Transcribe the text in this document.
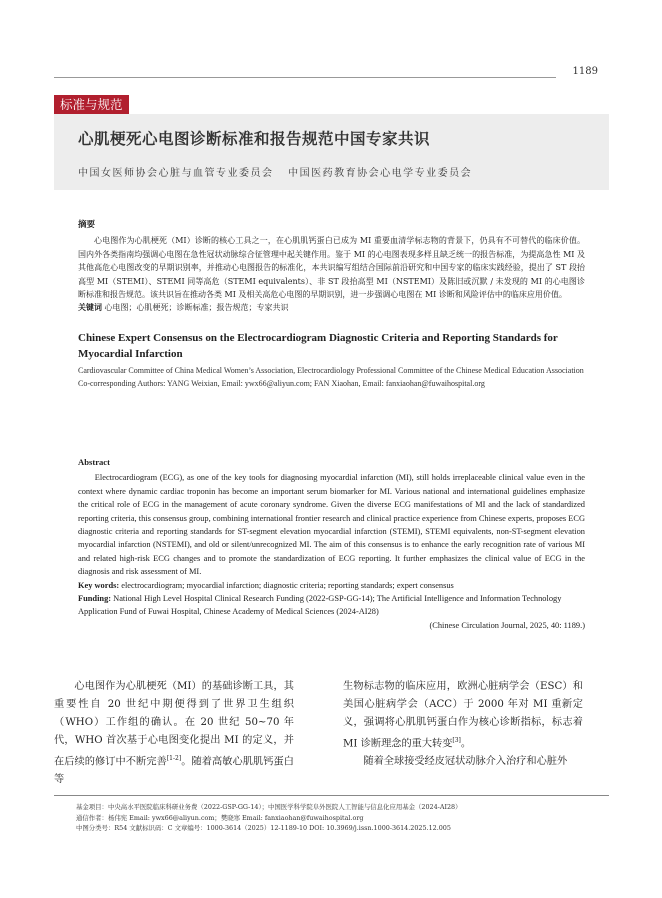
1189
标准与规范
心肌梗死心电图诊断标准和报告规范中国专家共识
中国女医师协会心脏与血管专业委员会 中国医药教育协会心电学专业委员会
摘要

心电图作为心肌梗死（MI）诊断的核心工具之一，在心肌肌钙蛋白已成为 MI 重要血清学标志物的背景下，仍具有不可替代的临床价值。国内外各类指南均强调心电图在急性冠状动脉综合征管理中起关键作用。鉴于 MI 的心电图表现多样且缺乏统一的报告标准，为提高急性 MI 及其他高危心电图改变的早期识别率，并推动心电图报告的标准化，本共识编写组结合国际前沿研究和中国专家的临床实践经验，提出了 ST 段抬高型 MI（STEMI）、STEMI 同等高危（STEMI equivalents）、非 ST 段抬高型 MI（NSTEMI）及陈旧或沉默 / 未发现的 MI 的心电图诊断标准和报告规范。该共识旨在推动各类 MI 及相关高危心电图的早期识别，进一步强调心电图在 MI 诊断和风险评估中的临床应用价值。

关键词 心电图；心肌梗死；诊断标准；报告规范；专家共识

Chinese Expert Consensus on the Electrocardiogram Diagnostic Criteria and Reporting Standards for Myocardial Infarction
Cardiovascular Committee of China Medical Women’s Association, Electrocardiology Professional Committee of the Chinese Medical Education Association
Co-corresponding Authors: YANG Weixian, Email: ywx66@aliyun.com; FAN Xiaohan, Email: fanxiaohan@fuwaihospital.org
Abstract

Electrocardiogram (ECG), as one of the key tools for diagnosing myocardial infarction (MI), still holds irreplaceable clinical value even in the context where dynamic cardiac troponin has become an important serum biomarker for MI. Various national and international guidelines emphasize the critical role of ECG in the management of acute coronary syndrome. Given the diverse ECG manifestations of MI and the lack of standardized reporting criteria, this consensus group, combining international frontier research and clinical practice experience from Chinese experts, proposes ECG diagnostic criteria and reporting standards for ST-segment elevation myocardial infarction (STEMI), STEMI equivalents, non-ST-segment elevation myocardial infarction (NSTEMI), and old or silent/unrecognized MI. The aim of this consensus is to enhance the early recognition rate of various MI and related high-risk ECG changes and to promote the standardization of ECG reporting. It further emphasizes the clinical value of ECG in the diagnosis and risk assessment of MI.

Key words: electrocardiogram; myocardial infarction; diagnostic criteria; reporting standards; expert consensus

Funding: National High Level Hospital Clinical Research Funding (2022-GSP-GG-14); The Artificial Intelligence and Information Technology Application Fund of Fuwai Hospital, Chinese Academy of Medical Sciences (2024-AI28)

(Chinese Circulation Journal, 2025, 40: 1189.)

心电图作为心肌梗死（MI）的基础诊断工具，其重要性自 20 世纪中期便得到了世界卫生组织（WHO）工作组的确认。在 20 世纪 50~70 年代，WHO 首次基于心电图变化提出 MI 的定义，并在后续的修订中不断完善[1-2]。随着高敏心肌肌钙蛋白等

生物标志物的临床应用，欧洲心脏病学会（ESC）和美国心脏病学会（ACC）于 2000 年对 MI 重新定义，强调将心肌肌钙蛋白作为核心诊断指标，标志着 MI 诊断理念的重大转变[3]。

随着全球接受经皮冠状动脉介入治疗和心脏外

基金项目：中央高水平医院临床科研业务费（2022-GSP-GG-14）；中国医学科学院阜外医院人工智能与信息化应用基金（2024-AI28）
通信作者：杨伟宪 Email: ywx66@aliyun.com；樊晓寒 Email: fanxiaohan@fuwaihospital.org
中图分类号：R54 文献标识码：C 文章编号：1000-3614（2025）12-1189-10 DOI: 10.3969/j.issn.1000-3614.2025.12.005
